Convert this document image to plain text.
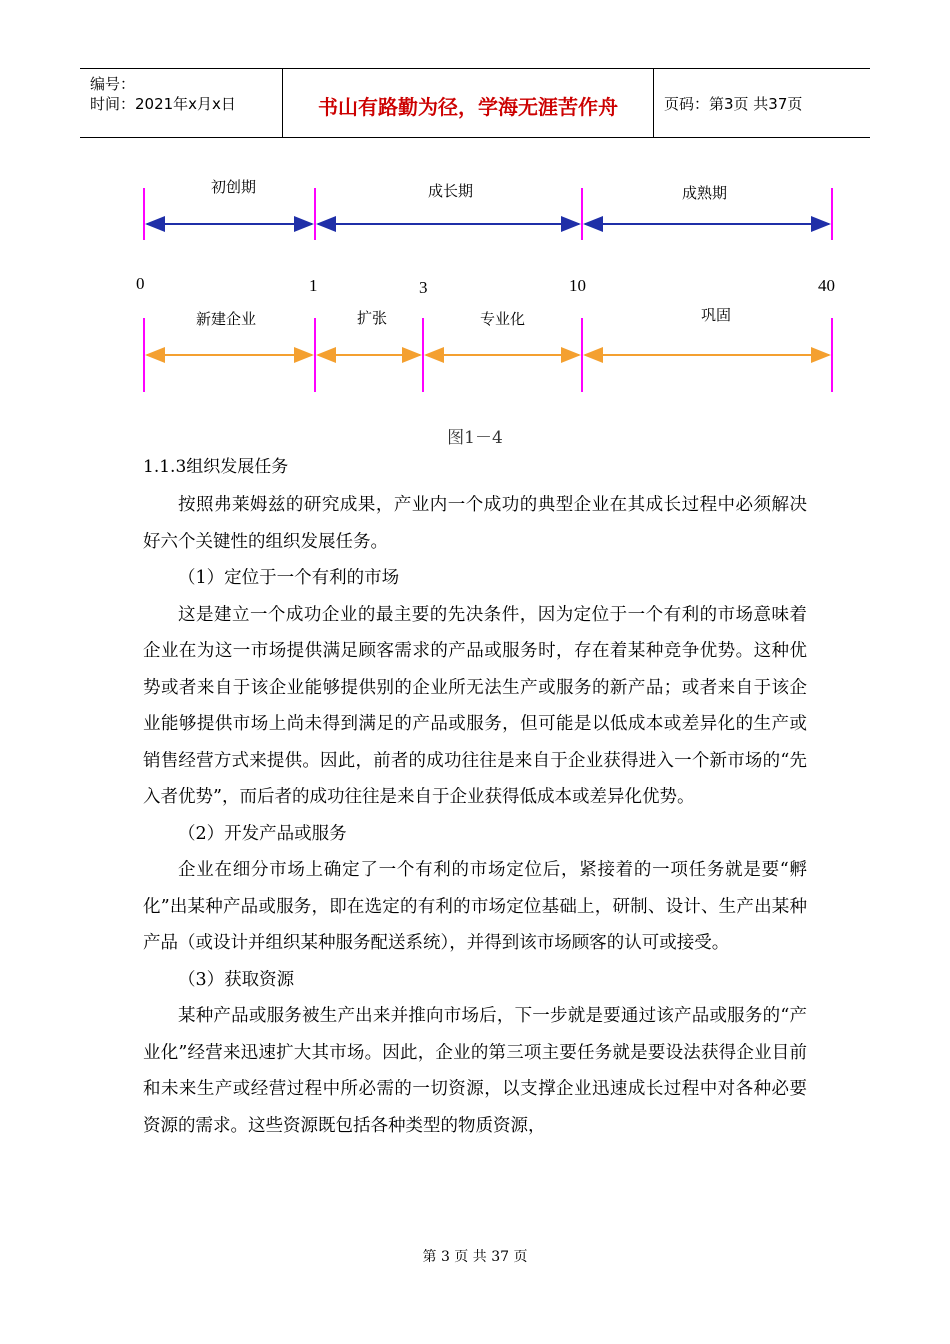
编号：
时间：2021年x月x日	书山有路勤为径，学海无涯苦作舟	页码：第3页 共37页
初创期	成长期	成熟期
0	1	3	10	40
新建企业	扩张	专业化	巩固
图1－4
1.1.3组织发展任务

按照弗莱姆兹的研究成果，产业内一个成功的典型企业在其成长过程中必须解决好六个关键性的组织发展任务。

（1）定位于一个有利的市场

这是建立一个成功企业的最主要的先决条件，因为定位于一个有利的市场意味着企业在为这一市场提供满足顾客需求的产品或服务时，存在着某种竞争优势。这种优势或者来自于该企业能够提供别的企业所无法生产或服务的新产品；或者来自于该企业能够提供市场上尚未得到满足的产品或服务，但可能是以低成本或差异化的生产或销售经营方式来提供。因此，前者的成功往往是来自于企业获得进入一个新市场的“先入者优势”，而后者的成功往往是来自于企业获得低成本或差异化优势。

（2）开发产品或服务

企业在细分市场上确定了一个有利的市场定位后，紧接着的一项任务就是要“孵化”出某种产品或服务，即在选定的有利的市场定位基础上，研制、设计、生产出某种产品（或设计并组织某种服务配送系统），并得到该市场顾客的认可或接受。

（3）获取资源

某种产品或服务被生产出来并推向市场后，下一步就是要通过该产品或服务的“产业化”经营来迅速扩大其市场。因此，企业的第三项主要任务就是要设法获得企业目前和未来生产或经营过程中所必需的一切资源，以支撑企业迅速成长过程中对各种必要资源的需求。这些资源既包括各种类型的物质资源，

第 3 页 共 37 页
